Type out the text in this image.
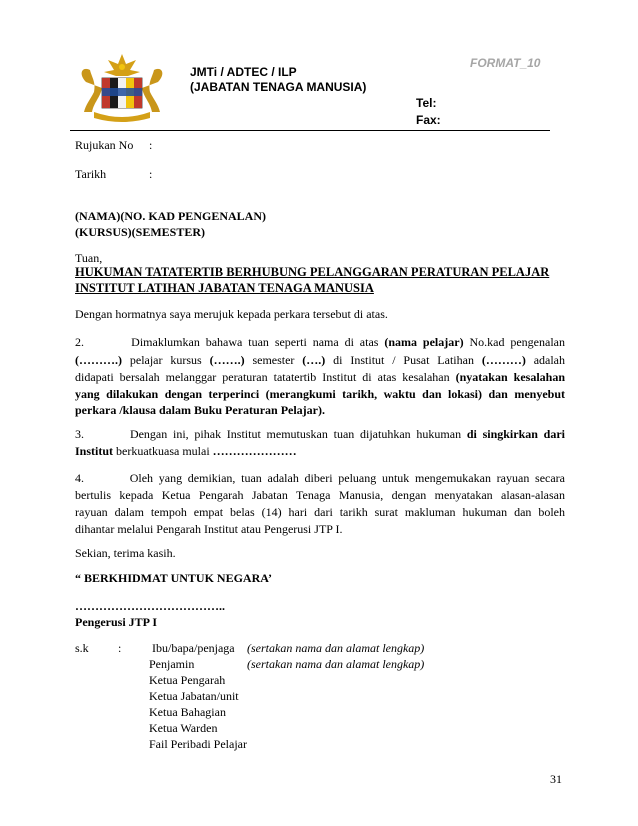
FORMAT_10
JMTi / ADTEC / ILP
(JABATAN TENAGA MANUSIA)
Tel:
Fax:
Rujukan No :
Tarikh	:
(NAMA)(NO. KAD PENGENALAN)
(KURSUS)(SEMESTER)
Tuan,
HUKUMAN TATATERTIB BERHUBUNG PELANGGARAN PERATURAN PELAJAR
INSTITUT LATIHAN JABATAN TENAGA MANUSIA
Dengan hormatnya saya merujuk kepada perkara tersebut di atas.
2.	Dimaklumkan bahawa tuan seperti nama di atas (nama pelajar) No.kad pengenalan
(……….) pelajar kursus (…….) semester (….) di Institut / Pusat Latihan (………) adalah
didapati bersalah melanggar peraturan tatatertib Institut di atas kesalahan (nyatakan kesalahan
yang dilakukan dengan terperinci (merangkumi tarikh, waktu dan lokasi) dan menyebut
perkara /klausa dalam Buku Peraturan Pelajar).
3.	Dengan ini, pihak Institut memutuskan tuan dijatuhkan hukuman di singkirkan dari
Institut berkuatkuasa mulai …………………
4.	Oleh yang demikian, tuan adalah diberi peluang untuk mengemukakan rayuan secara
bertulis kepada Ketua Pengarah Jabatan Tenaga Manusia, dengan menyatakan alasan-alasan
rayuan dalam tempoh empat belas (14) hari dari tarikh surat makluman hukuman dan boleh
dihantar melalui Pengarah Institut atau Pengerusi JTP I.
Sekian, terima kasih.
“ BERKHIDMAT UNTUK NEGARA’
………………………………..
Pengerusi JTP I
s.k :	Ibu/bapa/penjaga (sertakan nama dan alamat lengkap)
Penjamin	(sertakan nama dan alamat lengkap)
Ketua Pengarah
Ketua Jabatan/unit
Ketua Bahagian
Ketua Warden
Fail Peribadi Pelajar
31
